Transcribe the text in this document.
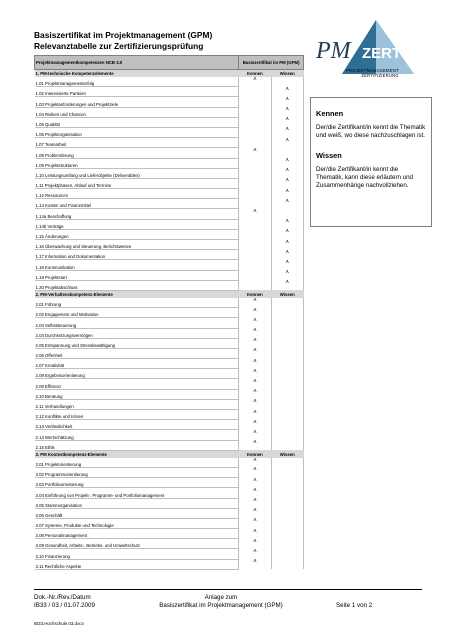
Basiszertifikat im Projektmanagement (GPM)
Relevanztabelle zur Zertifizierungsprüfung	PM ZERT
PROJEKTMANAGEMENT
ZERTIFIZIERUNG
Projektmanagementkompetenzen NCB 3.0	Basiszertifikat im PM (GPM)	
1. PM-technische Kompetenzelemente	Kennen	Wissen
1.01 Projektmanagementerfolg	X	

1.02 Interessierte Parteien		X

1.03 Projektanforderungen und Projektziele		X

1.04 Risiken und Chancen		X

1.05 Qualität		X

1.06 Projektorganisation		X

1.07 Teamarbeit		X

1.08 Problemlösung	X	

1.09 Projektstrukturen		X

1.10 Leistungsumfang und Lieferobjekte (Deliverables)		X

1.11 Projektphasen, Ablauf und Termine		X

1.12 Ressourcen		X

1.13 Kosten und Finanzmittel		X

1.14a Beschaffung	X	

1.14b Verträge		X

1.15 Änderungen		X

1.16 Überwachung und Steuerung, Berichtswesen		X

1.17 Information und Dokumentation		X

1.18 Kommunikation		X

1.19 Projektstart		X

1.20 Projektabschluss		X

2. PM-Verhaltenskompetenz-Elemente	Kennen	Wissen
2.01 Führung	X	

2.02 Engagement und Motivation	X	

2.03 Selbststeuerung	X	

2.04 Durchsetzungsvermögen	X	

2.05 Entspannung und Stressbewältigung	X	

2.06 Offenheit	X	

2.07 Kreativität	X	

2.08 Ergebnisorientierung	X	

2.09 Effizienz	X	

2.10 Beratung	X	

2.11 Verhandlungen	X	

2.12 Konflikte und Krisen	X	

2.13 Verlässlichkeit	X	

2.14 Wertschätzung	X	

2.15 Ethik	X	

3. PM Kontextkompetenz-Elemente	Kennen	Wissen
3.01 Projektorientierung	X	

3.02 Programmorientierung	X	

3.03 Portfolioorientierung	X	

3.04 Einführung von Projekt-, Programm- und Portfoliomanagement	X	

3.05 Stammorganisation	X	

3.06 Geschäft	X	

3.07 Systeme, Produkte und Technologie	X	

3.08 Personalmanagement	X	

3.09 Gesundheit, Arbeits-, Betriebs- und Umweltschutz	X	

3.10 Finanzierung	X	

3.11 Rechtliche Aspekte	X	

Kennen
Der/die Zertifikant/in kennt die Thematik und weiß, wo diese nachzuschlagen ist.
Wissen
Der/die Zertifikant/in kennt die Thematik, kann diese erläutern und Zusammenhänge nachvollziehen.
Dok.-Nr./Rev./Datum
IB33 / 03 / 01.07.2009
Anlage zum
Basiszertifikat im Projektmanagement (GPM)	Seite 1 von 2
IB33.Hochschule.03.docx
